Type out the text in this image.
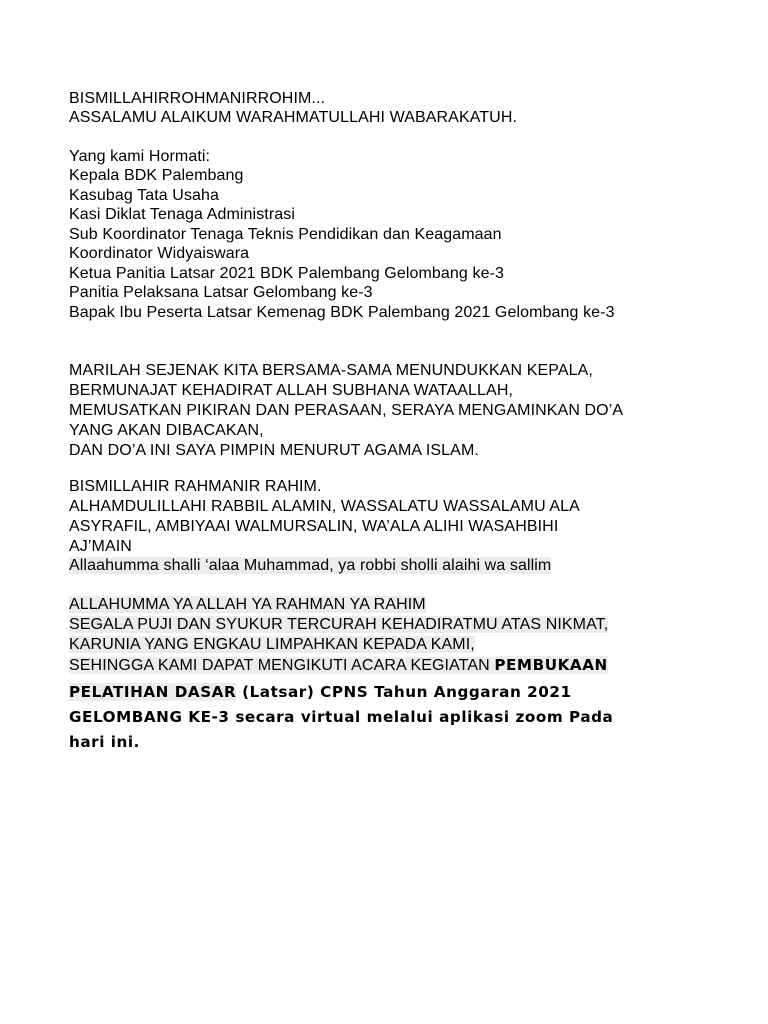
BISMILLAHIRROHMANIRROHIM...
ASSALAMU ALAIKUM WARAHMATULLAHI WABARAKATUH.
Yang kami Hormati:
Kepala BDK Palembang
Kasubag Tata Usaha
Kasi Diklat Tenaga Administrasi
Sub Koordinator Tenaga Teknis Pendidikan dan Keagamaan
Koordinator Widyaiswara
Ketua Panitia Latsar 2021 BDK Palembang Gelombang ke-3
Panitia Pelaksana Latsar Gelombang ke-3
Bapak Ibu Peserta Latsar Kemenag BDK Palembang 2021 Gelombang ke-3
MARILAH SEJENAK KITA BERSAMA-SAMA MENUNDUKKAN KEPALA,
BERMUNAJAT KEHADIRAT ALLAH SUBHANA WATAALLAH,
MEMUSATKAN PIKIRAN DAN PERASAAN, SERAYA MENGAMINKAN DO’A
YANG AKAN DIBACAKAN,
DAN DO’A INI SAYA PIMPIN MENURUT AGAMA ISLAM.
BISMILLAHIR RAHMANIR RAHIM.
ALHAMDULILLAHI RABBIL ALAMIN, WASSALATU WASSALAMU ALA
ASYRAFIL, AMBIYAAI WALMURSALIN, WA’ALA ALIHI WASAHBIHI
AJ’MAIN
Allaahumma shalli ‘alaa Muhammad, ya robbi sholli alaihi wa sallim
ALLAHUMMA YA ALLAH YA RAHMAN YA RAHIM
SEGALA PUJI DAN SYUKUR TERCURAH KEHADIRATMU ATAS NIKMAT,
KARUNIA YANG ENGKAU LIMPAHKAN KEPADA KAMI,
SEHINGGA KAMI DAPAT MENGIKUTI ACARA KEGIATAN PEMBUKAAN
PELATIHAN DASAR (Latsar) CPNS Tahun Anggaran 2021
GELOMBANG KE-3 secara virtual melalui aplikasi zoom Pada
hari ini.
